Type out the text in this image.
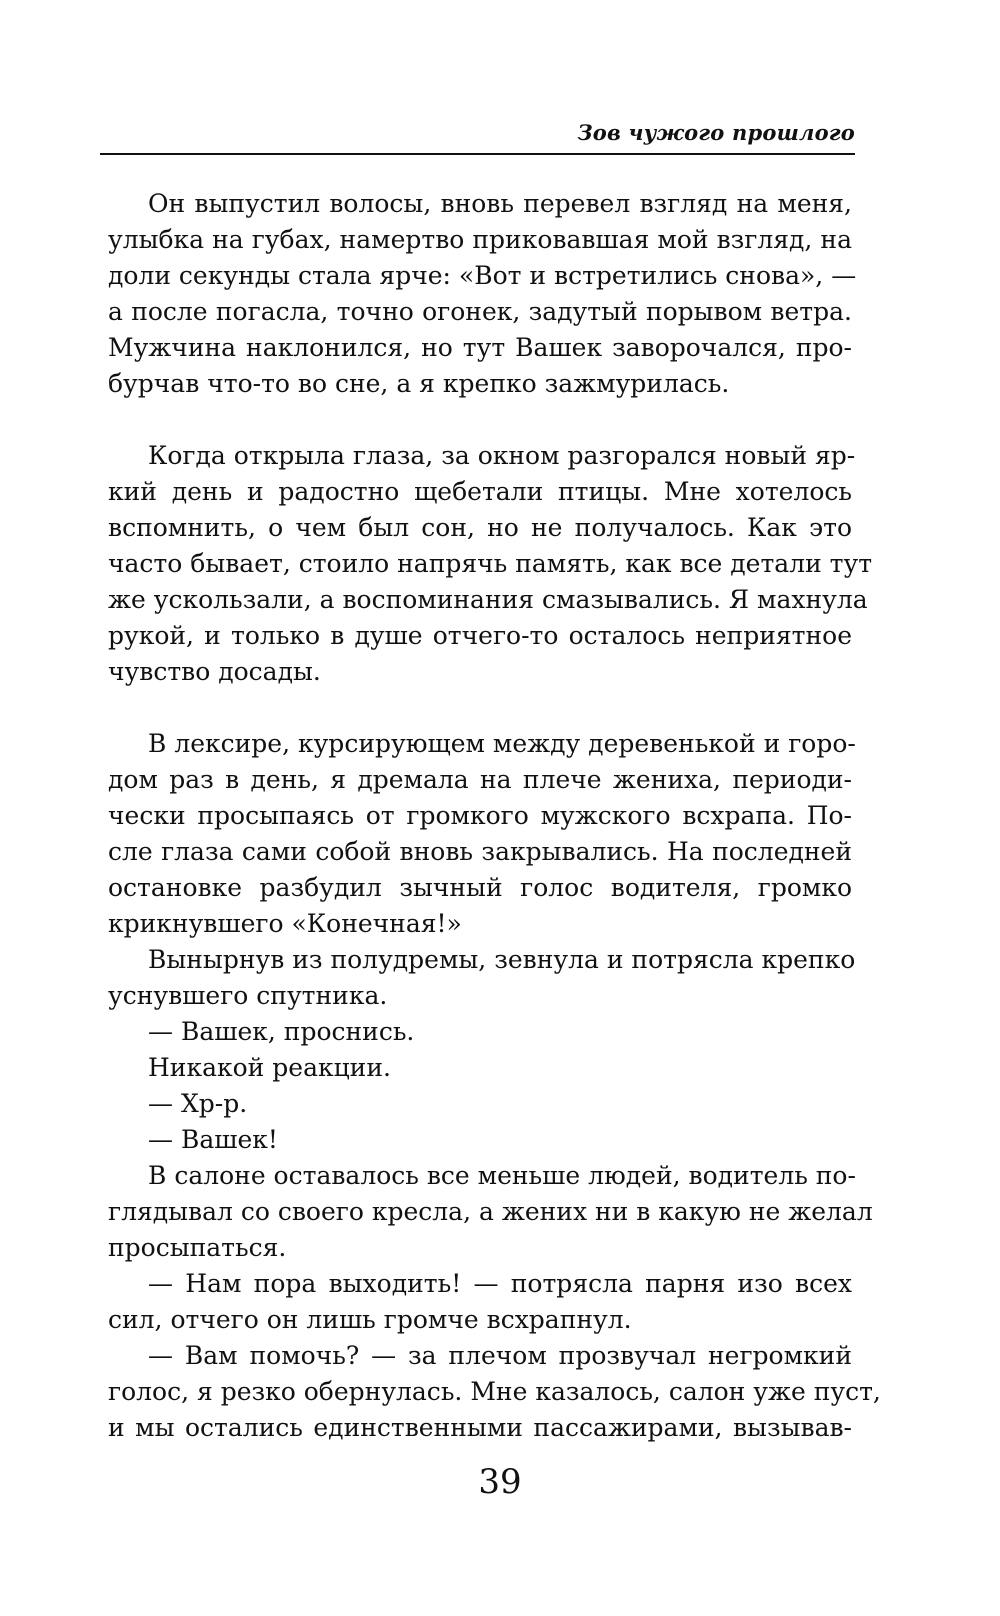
Зов чужого прошлого
Он выпустил волосы, вновь перевел взгляд на меня,
улыбка на губах, намертво приковавшая мой взгляд, на
доли секунды стала ярче: «Вот и встретились снова», —
а после погасла, точно огонек, задутый порывом ветра.
Мужчина наклонился, но тут Вашек заворочался, про-
бурчав что-то во сне, а я крепко зажмурилась.
Когда открыла глаза, за окном разгорался новый яр-
кий день и радостно щебетали птицы. Мне хотелось
вспомнить, о чем был сон, но не получалось. Как это
часто бывает, стоило напрячь память, как все детали тут
же ускользали, а воспоминания смазывались. Я махнула
рукой, и только в душе отчего-то осталось неприятное
чувство досады.
В лексире, курсирующем между деревенькой и горо-
дом раз в день, я дремала на плече жениха, периоди-
чески просыпаясь от громкого мужского всхрапа. По-
сле глаза сами собой вновь закрывались. На последней
остановке разбудил зычный голос водителя, громко
крикнувшего «Конечная!»
Вынырнув из полудремы, зевнула и потрясла крепко
уснувшего спутника.
— Вашек, проснись.
Никакой реакции.
— Хр-р.
— Вашек!
В салоне оставалось все меньше людей, водитель по-
глядывал со своего кресла, а жених ни в какую не желал
просыпаться.
— Нам пора выходить! — потрясла парня изо всех
сил, отчего он лишь громче всхрапнул.
— Вам помочь? — за плечом прозвучал негромкий
голос, я резко обернулась. Мне казалось, салон уже пуст,
и мы остались единственными пассажирами, вызывав-
39
